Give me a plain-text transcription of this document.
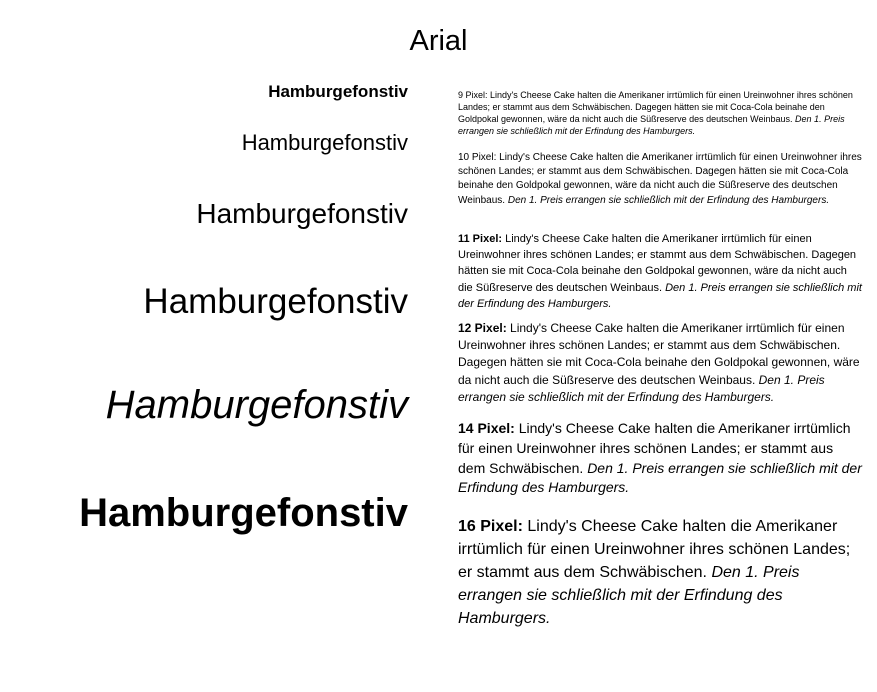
Arial
Hamburgefonstiv
Hamburgefonstiv
Hamburgefonstiv
Hamburgefonstiv
Hamburgefonstiv
Hamburgefonstiv
9 Pixel: Lindy's Cheese Cake halten die Amerikaner irrtümlich für einen Ureinwohner ihres schönen Landes; er stammt aus dem Schwäbischen. Dagegen hätten sie mit Coca-Cola beinahe den Goldpokal gewonnen, wäre da nicht auch die Süßreserve des deutschen Weinbaus. Den 1. Preis errangen sie schließlich mit der Erfindung des Hamburgers.
10 Pixel: Lindy's Cheese Cake halten die Amerikaner irrtümlich für einen Ureinwohner ihres schönen Landes; er stammt aus dem Schwäbischen. Dagegen hätten sie mit Coca-Cola beinahe den Goldpokal gewonnen, wäre da nicht auch die Süßreserve des deutschen Weinbaus. Den 1. Preis errangen sie schließlich mit der Erfindung des Hamburgers.
11 Pixel: Lindy's Cheese Cake halten die Amerikaner irrtümlich für einen Ureinwohner ihres schönen Landes; er stammt aus dem Schwäbischen. Dagegen hätten sie mit Coca-Cola beinahe den Goldpokal gewonnen, wäre da nicht auch die Süßreserve des deutschen Weinbaus. Den 1. Preis errangen sie schließlich mit der Erfindung des Hamburgers.
12 Pixel: Lindy's Cheese Cake halten die Amerikaner irrtümlich für einen Ureinwohner ihres schönen Landes; er stammt aus dem Schwäbischen. Dagegen hätten sie mit Coca-Cola beinahe den Goldpokal gewonnen, wäre da nicht auch die Süßreserve des deutschen Weinbaus. Den 1. Preis errangen sie schließlich mit der Erfindung des Hamburgers.
14 Pixel: Lindy's Cheese Cake halten die Amerikaner irrtümlich für einen Ureinwohner ihres schönen Landes; er stammt aus dem Schwäbischen. Den 1. Preis errangen sie schließlich mit der Erfindung des Hamburgers.
16 Pixel: Lindy's Cheese Cake halten die Amerikaner irrtümlich für einen Ureinwohner ihres schönen Landes; er stammt aus dem Schwäbischen. Den 1. Preis errangen sie schließlich mit der Erfindung des Hamburgers.
